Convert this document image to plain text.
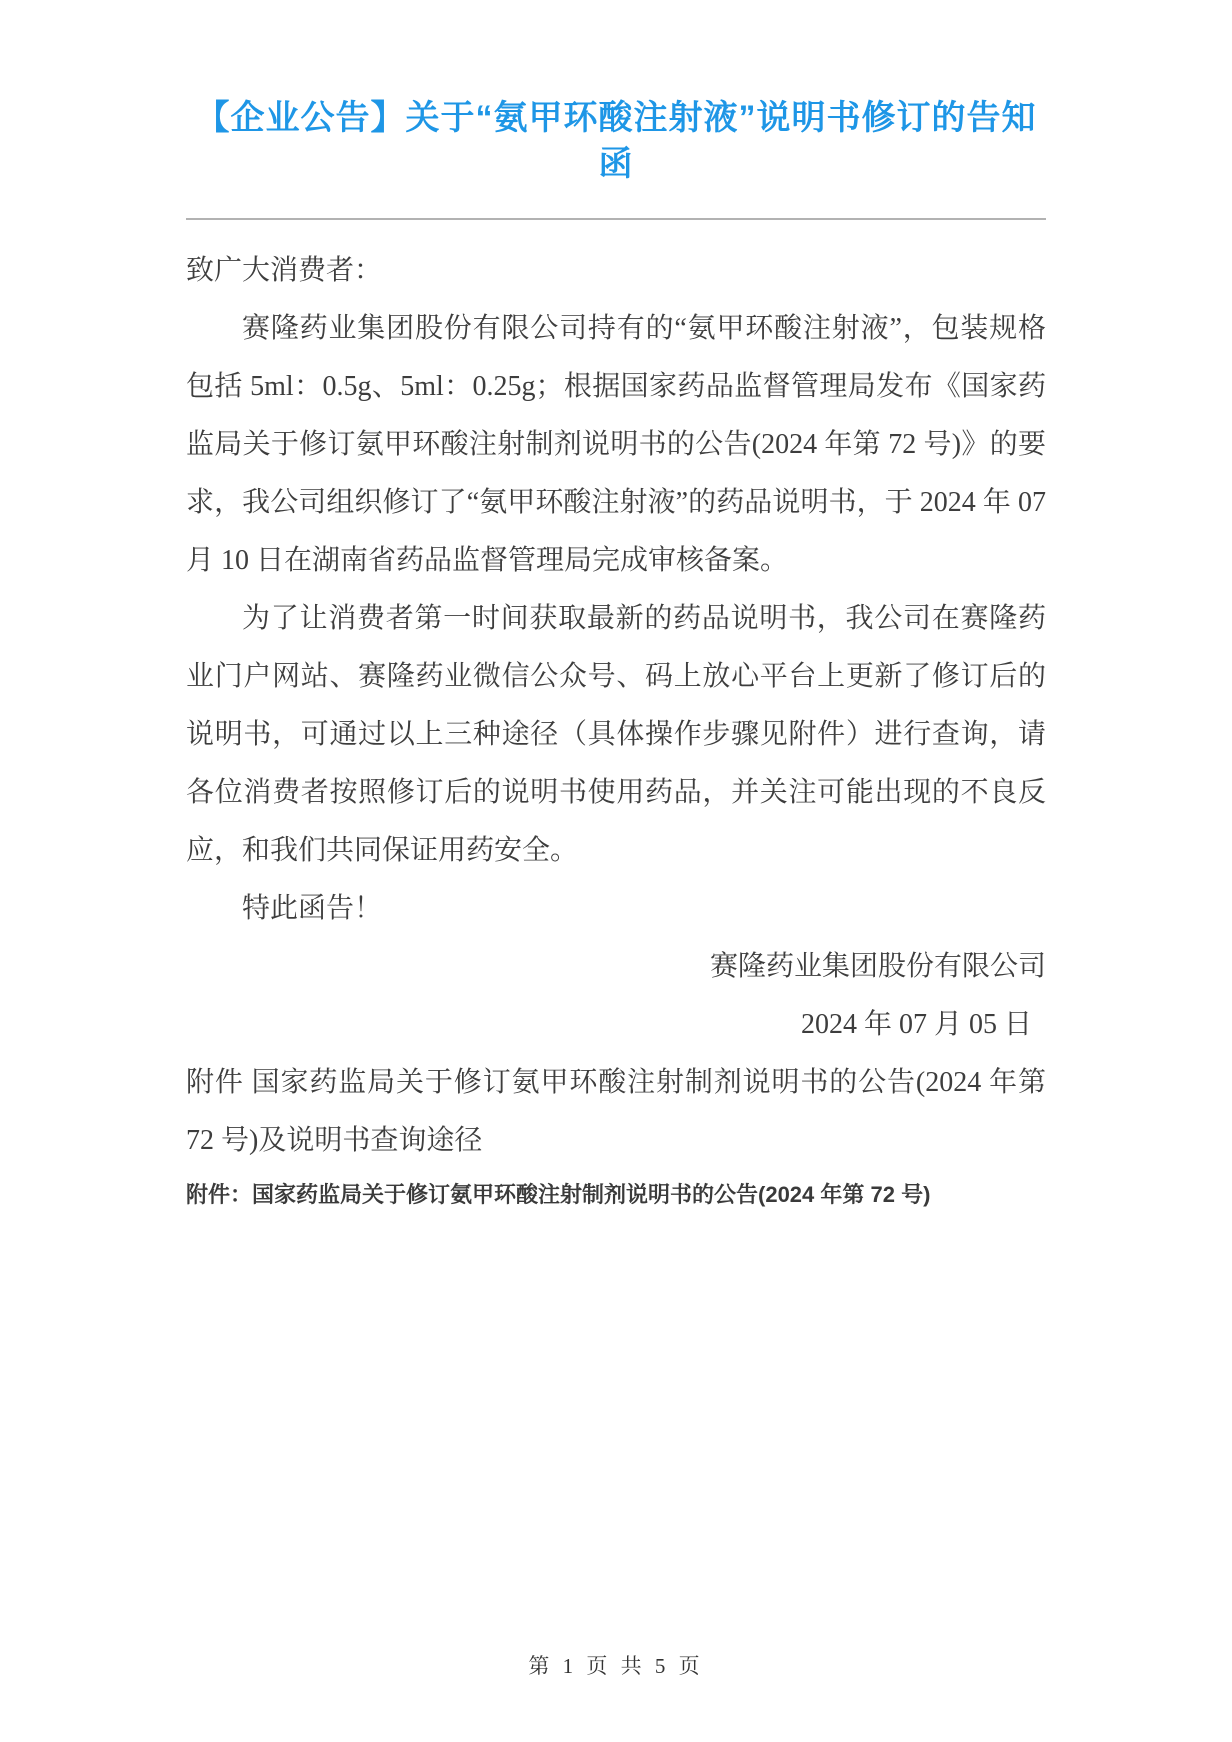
【企业公告】关于“氨甲环酸注射液”说明书修订的告知函

致广大消费者：

赛隆药业集团股份有限公司持有的“氨甲环酸注射液”，包装规格包括 5ml：0.5g、5ml：0.25g；根据国家药品监督管理局发布《国家药监局关于修订氨甲环酸注射制剂说明书的公告(2024 年第 72 号)》的要求，我公司组织修订了“氨甲环酸注射液”的药品说明书，于 2024 年 07 月 10 日在湖南省药品监督管理局完成审核备案。

为了让消费者第一时间获取最新的药品说明书，我公司在赛隆药业门户网站、赛隆药业微信公众号、码上放心平台上更新了修订后的说明书，可通过以上三种途径（具体操作步骤见附件）进行查询，请各位消费者按照修订后的说明书使用药品，并关注可能出现的不良反应，和我们共同保证用药安全。

特此函告！

赛隆药业集团股份有限公司

2024 年 07 月 05 日

附件 国家药监局关于修订氨甲环酸注射制剂说明书的公告(2024 年第72 号)及说明书查询途径

附件：国家药监局关于修订氨甲环酸注射制剂说明书的公告(2024 年第 72 号)

第 1 页 共 5 页
